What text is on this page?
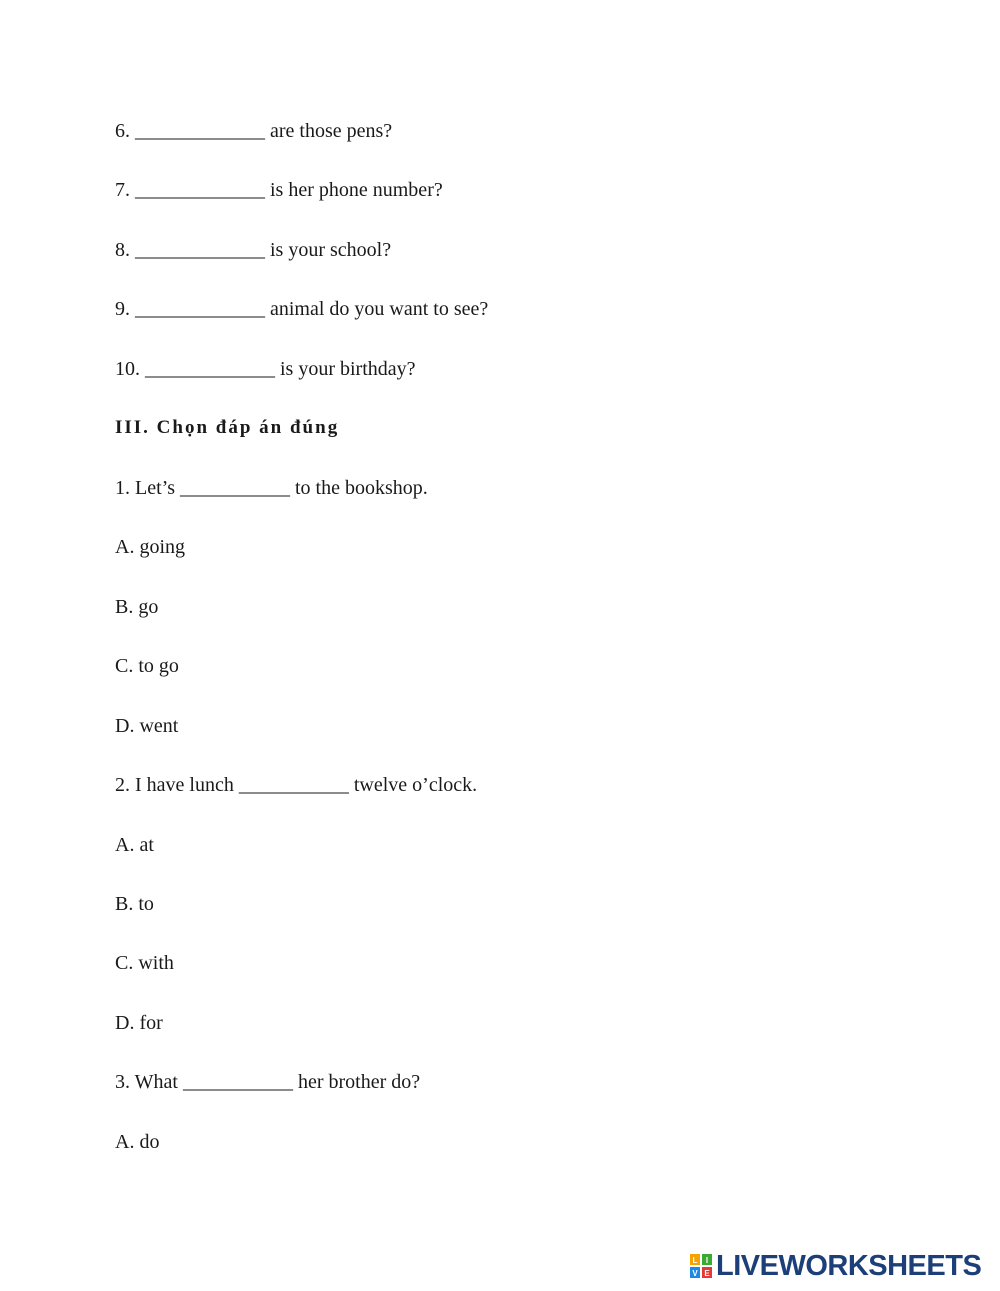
6. _____________ are those pens?
7. _____________ is her phone number?
8. _____________ is your school?
9. _____________ animal do you want to see?
10. _____________ is your birthday?
III. Chọn đáp án đúng
1. Let’s ___________ to the bookshop.
A. going
B. go
C. to go
D. went
2. I have lunch ___________ twelve o’clock.
A. at
B. to
C. with
D. for
3. What ___________ her brother do?
A. do
L I
V E LIVEWORKSHEETS
